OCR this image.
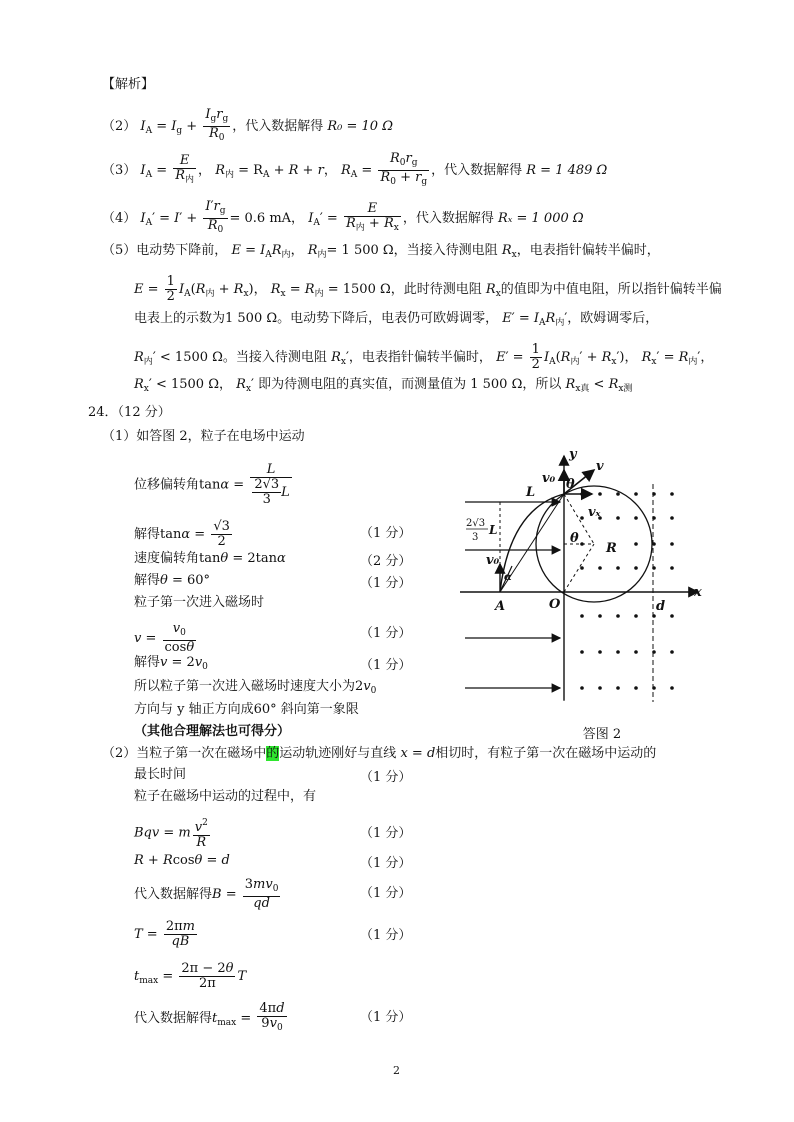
【解析】
（2） $I_A = I_g + \frac{I_gr_g}{R_0}$ ，代入数据解得 R₀ = 10 Ω
（3） $I_A = \frac{E}{R_内}$ ， $R_内 = R_A + R + r$， $R_A = \frac{R_0r_g}{R_0 + r_g}$ ，代入数据解得 R = 1 489 Ω
（4） $I_A' = I' + \frac{I'r_g}{R_0} = 0.6$ mA， $I_A' = \frac{E}{R_内 + R_x}$ ，代入数据解得 Rₓ = 1 000 Ω
（5）电动势下降前， $E = I_AR_内$， $R_内= 1$ 500 Ω，当接入待测电阻 $R_x$，电表指针偏转半偏时，
$E = \frac{1}{2} I_A(R_内 + R_x)$， $R_x = R_内 = 1500$ Ω，此时待测电阻 $R_x$的值即为中值电阻，所以指针偏转半偏
电表上的示数为1 500 Ω。电动势下降后，电表仍可欧姆调零， $E' = I_AR_内'$，欧姆调零后，
$R_内' < 1500$ Ω。当接入待测电阻 $R_x'$，电表指针偏转半偏时， $E' = \frac{1}{2} I_A(R_内' + R_x')$， $R_x' = R_内'$，
$R_x' < 1500$ Ω， $R_x'$ 即为待测电阻的真实值，而测量值为 1 500 Ω，所以 $R_{x真} < R_{x测}$
24．（12 分）
（1）如答图 2，粒子在电场中运动
位移偏转角$\tan\alpha = \frac{L}{\frac{2√3}{3} L}$
解得$\tan\alpha = \frac{√3}{2}$	（1 分）
速度偏转角tanθ = 2tanα	（2 分）
解得θ = 60°	（1 分）
粒子第一次进入磁场时
$v = \frac{v_0}{\cos\theta}$	（1 分）
解得$v = 2v_0$	（1 分）
所以粒子第一次进入磁场时速度大小为$2v_0$
方向与 y 轴正方向成60° 斜向第一象限
（其他合理解法也可得分）
y
x
O
A	d
L
R
v
v₀
vₓ
v₀
θ
θ
α
2√3
3
L
答图 2
（2）当粒子第一次在磁场中的运动轨迹刚好与直线 x = d相切时，有粒子第一次在磁场中运动的
最长时间	（1 分）
粒子在磁场中运动的过程中，有
Bqv = m $\frac{v^2}{R}$	（1 分）
R + Rcosθ = d	（1 分）
代入数据解得$B = \frac{3mv_0}{qd}$	（1 分）
$T = \frac{2\pi m}{qB}$	（1 分）
$t_{max} = \frac{2\pi - 2\theta}{2\pi}$ T
代入数据解得$t_{max} = \frac{4\pi d}{9v_0}$	（1 分）
2
